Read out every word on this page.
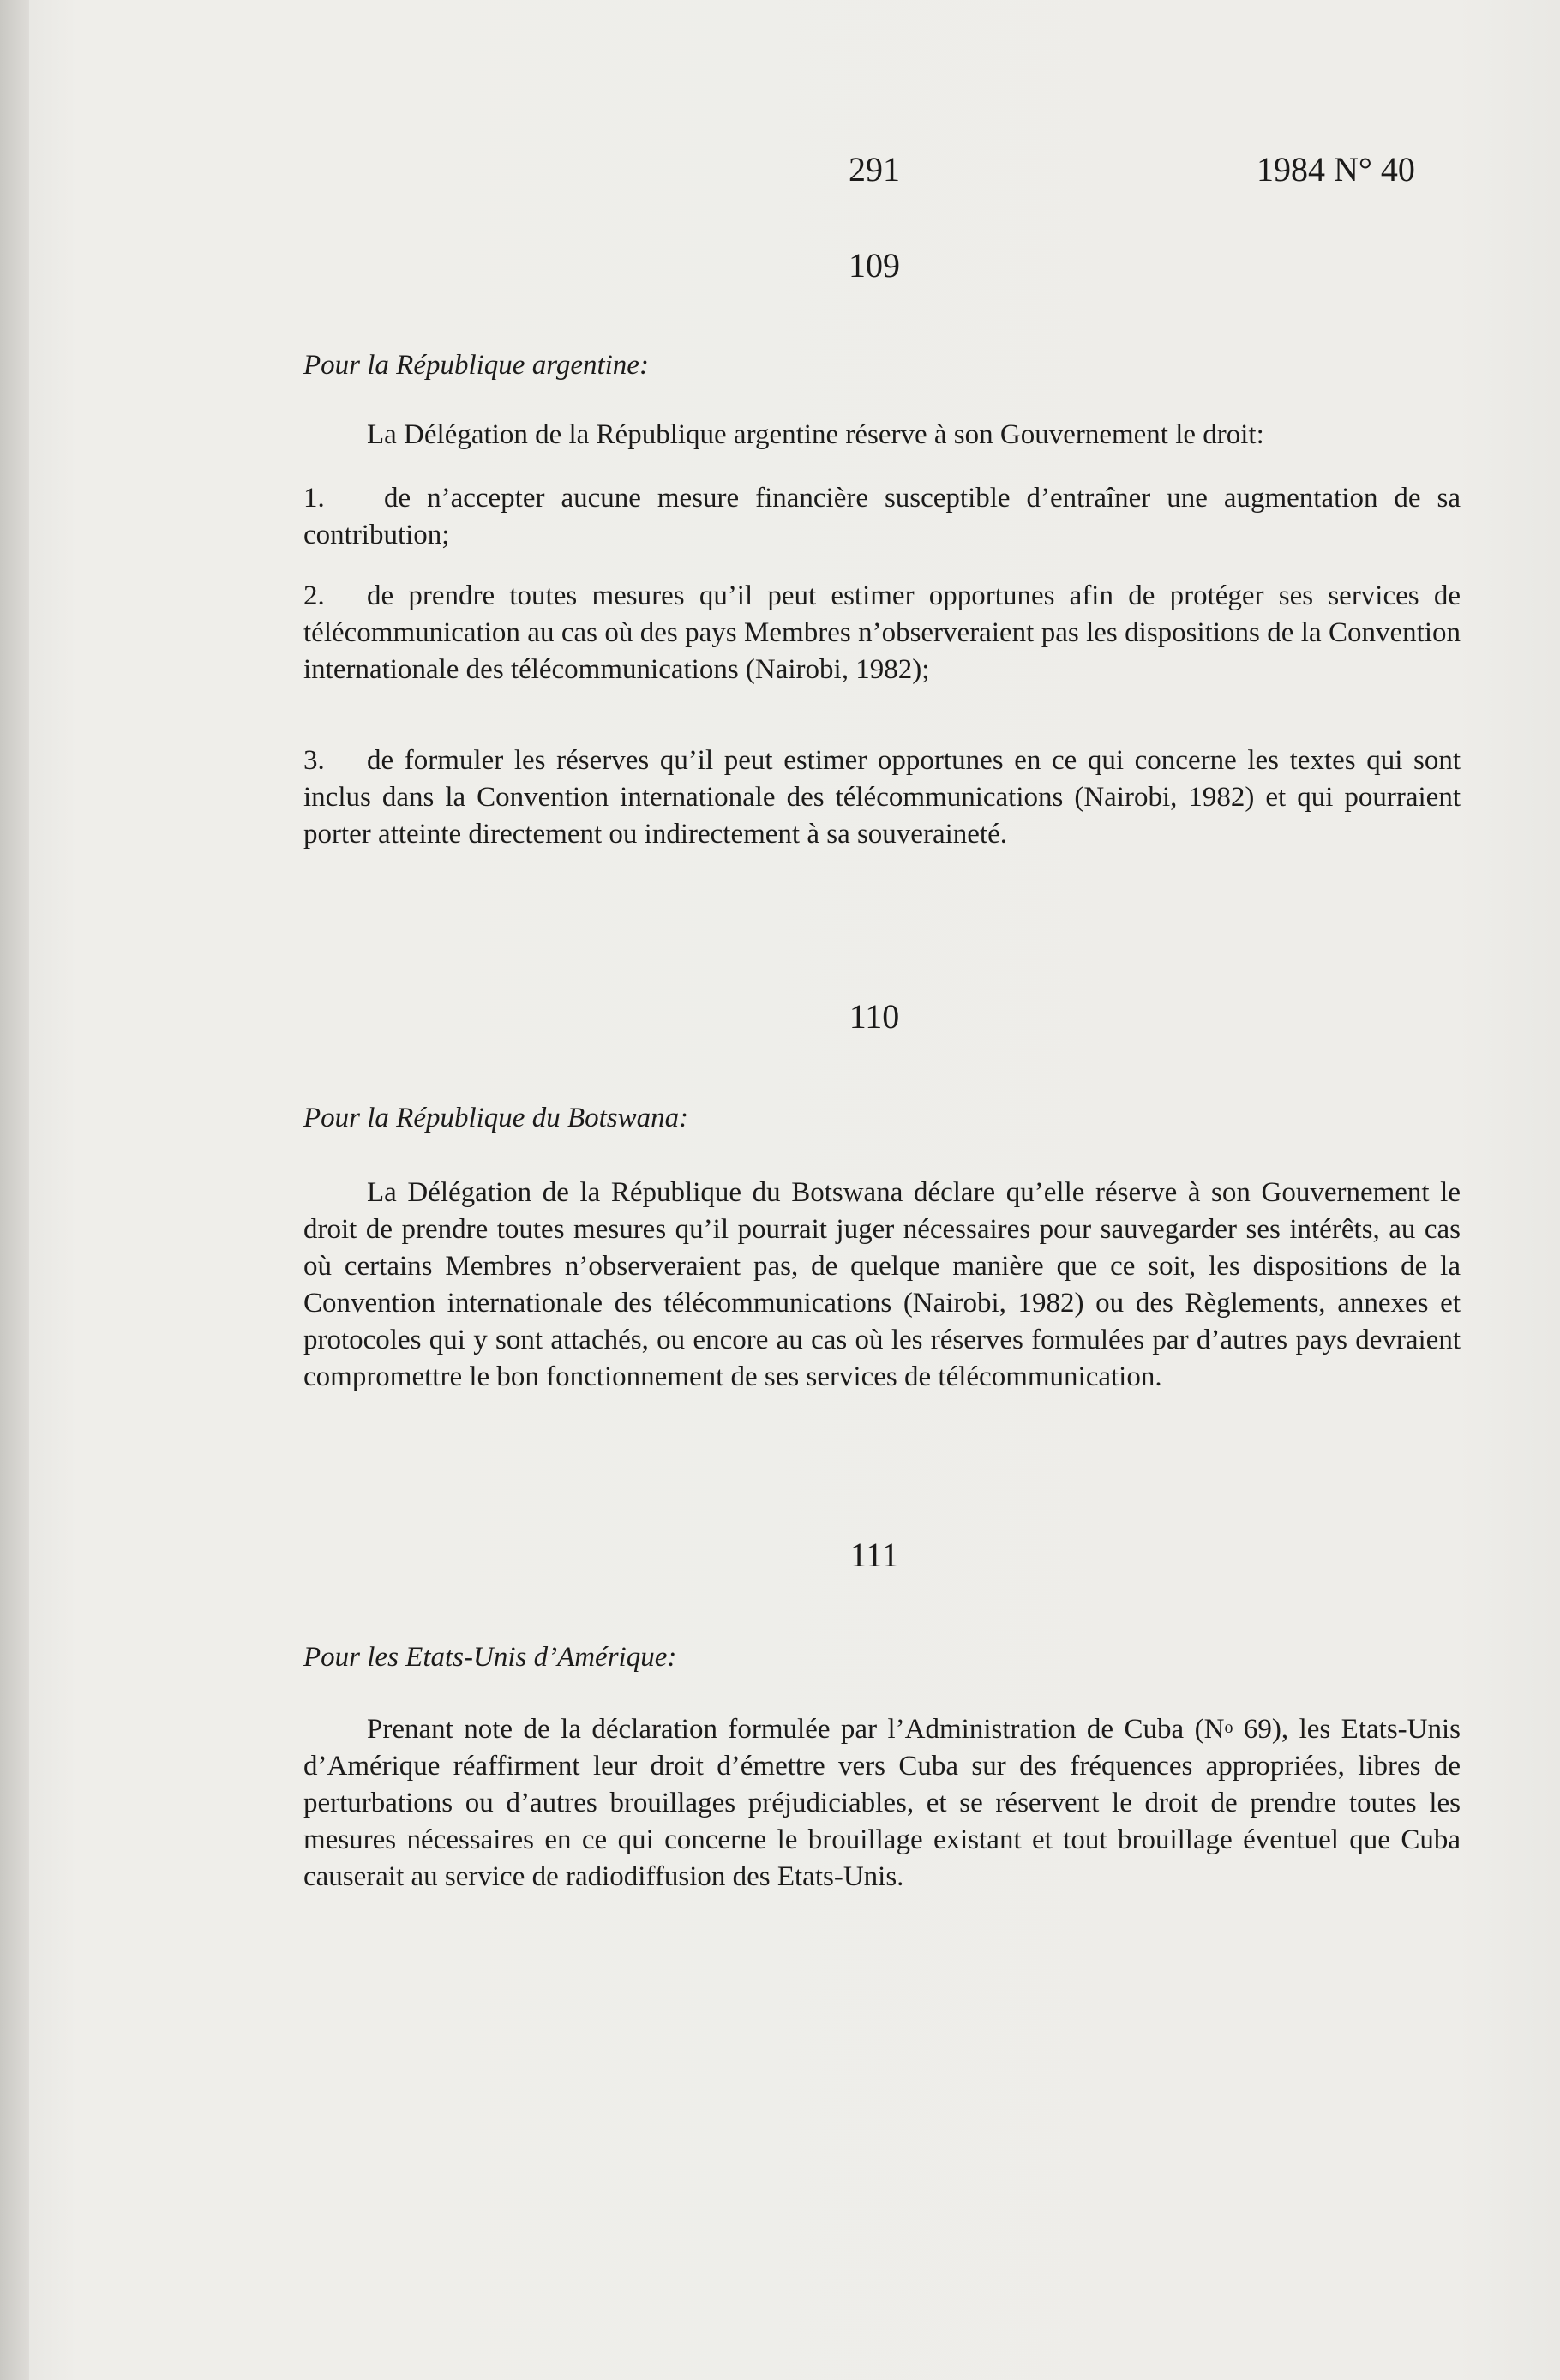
291	1984 N° 40
109
Pour la République argentine:
La Délégation de la République argentine réserve à son Gouvernement le droit:
1. de n’accepter aucune mesure financière susceptible d’entraîner une augmentation de sa contribution;
2. de prendre toutes mesures qu’il peut estimer opportunes afin de protéger ses services de télécommunication au cas où des pays Membres n’observeraient pas les dispositions de la Convention internationale des télécommunications (Nairobi, 1982);
3. de formuler les réserves qu’il peut estimer opportunes en ce qui concerne les textes qui sont inclus dans la Convention internationale des télécommunications (Nairobi, 1982) et qui pourraient porter atteinte directement ou indirectement à sa souveraineté.
110
Pour la République du Botswana:
La Délégation de la République du Botswana déclare qu’elle réserve à son Gouvernement le droit de prendre toutes mesures qu’il pourrait juger nécessaires pour sauvegarder ses intérêts, au cas où certains Membres n’observeraient pas, de quelque manière que ce soit, les dispositions de la Convention internationale des télécommunications (Nairobi, 1982) ou des Règlements, annexes et protocoles qui y sont attachés, ou encore au cas où les réserves formulées par d’autres pays devraient compromettre le bon fonctionnement de ses services de télécommunication.
111
Pour les Etats-Unis d’Amérique:
Prenant note de la déclaration formulée par l’Administration de Cuba ($N^o$ 69), les Etats-Unis d’Amérique réaffirment leur droit d’émettre vers Cuba sur des fréquences appropriées, libres de perturbations ou d’autres brouillages préjudiciables, et se réservent le droit de prendre toutes les mesures nécessaires en ce qui concerne le brouillage existant et tout brouillage éventuel que Cuba causerait au service de radiodiffusion des Etats-Unis.
